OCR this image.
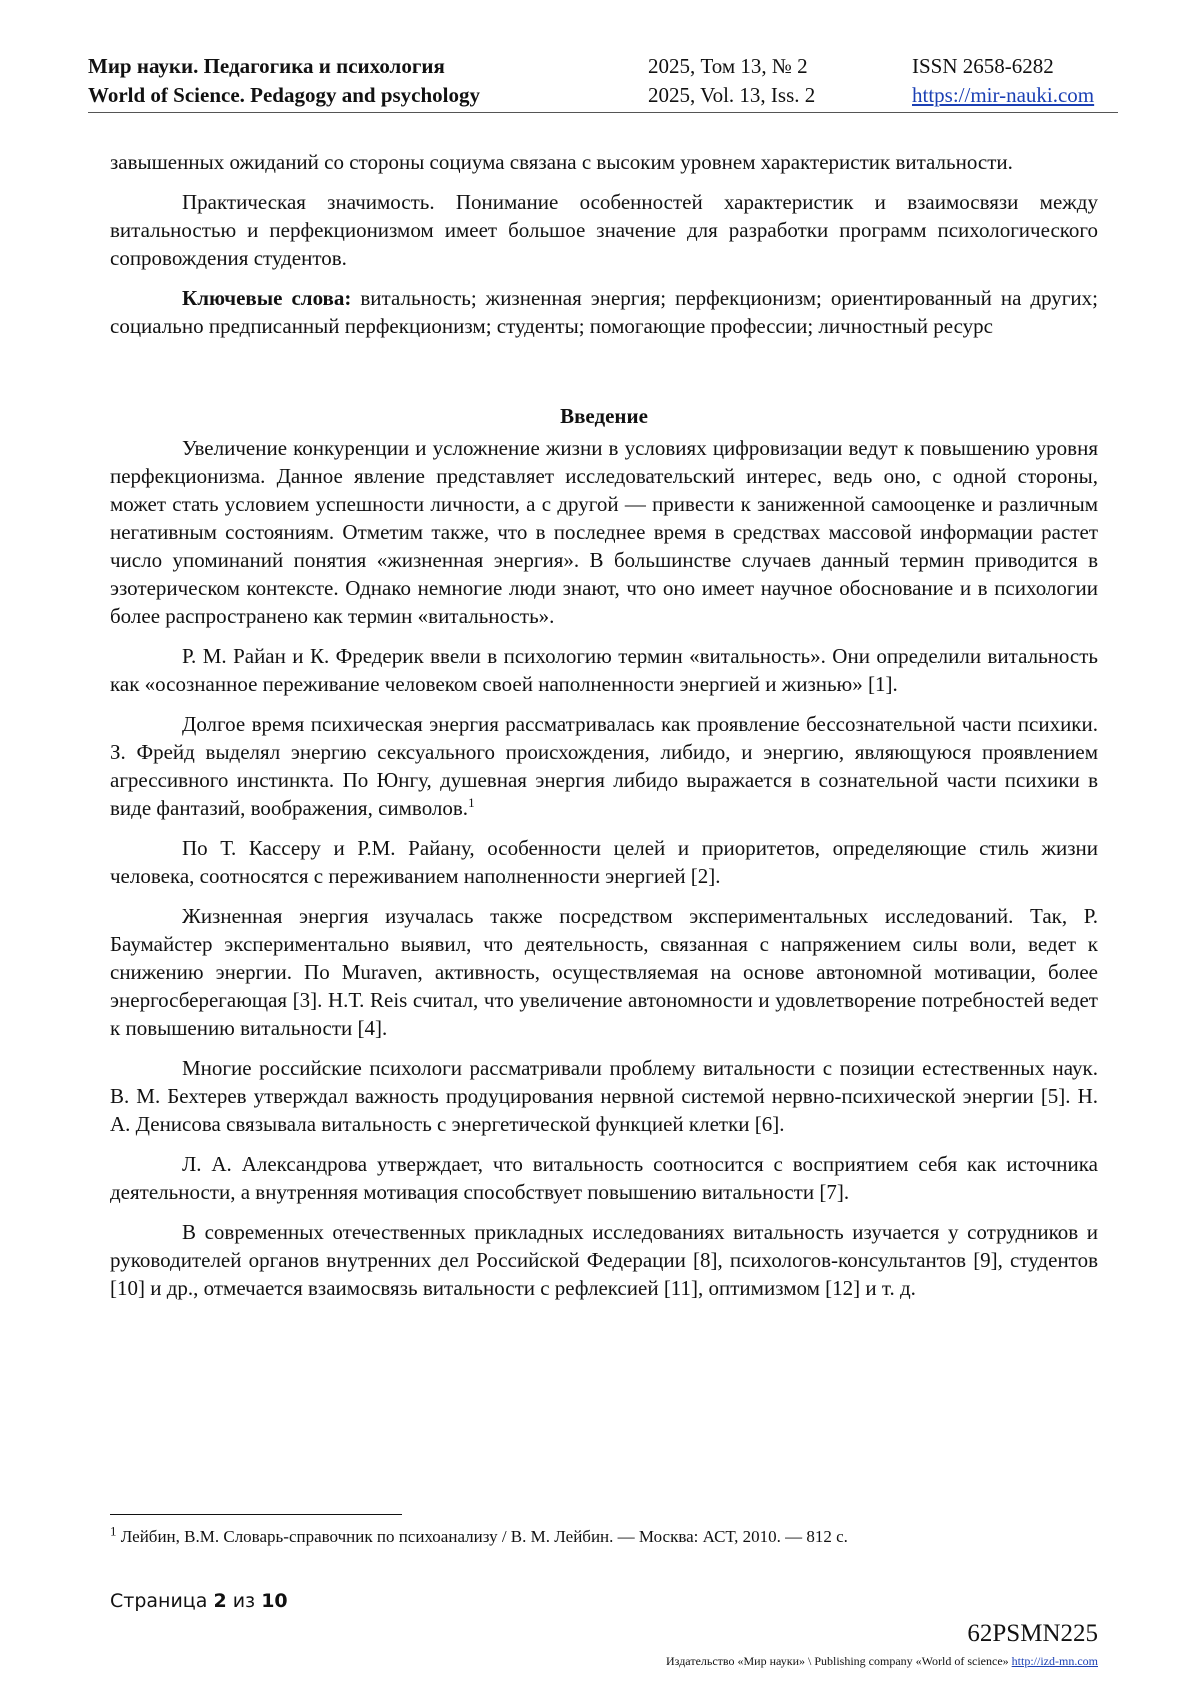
Мир науки. Педагогика и психология
World of Science. Pedagogy and psychology
2025, Том 13, № 2
2025, Vol. 13, Iss. 2
ISSN 2658-6282
https://mir-nauki.com

завышенных ожиданий со стороны социума связана с высоким уровнем характеристик витальности.

Практическая значимость. Понимание особенностей характеристик и взаимосвязи между витальностью и перфекционизмом имеет большое значение для разработки программ психологического сопровождения студентов.

Ключевые слова: витальность; жизненная энергия; перфекционизм; ориентированный на других; социально предписанный перфекционизм; студенты; помогающие профессии; личностный ресурс

Введение

Увеличение конкуренции и усложнение жизни в условиях цифровизации ведут к повышению уровня перфекционизма. Данное явление представляет исследовательский интерес, ведь оно, с одной стороны, может стать условием успешности личности, а с другой — привести к заниженной самооценке и различным негативным состояниям. Отметим также, что в последнее время в средствах массовой информации растет число упоминаний понятия «жизненная энергия». В большинстве случаев данный термин приводится в эзотерическом контексте. Однако немногие люди знают, что оно имеет научное обоснование и в психологии более распространено как термин «витальность».

Р. М. Райан и К. Фредерик ввели в психологию термин «витальность». Они определили витальность как «осознанное переживание человеком своей наполненности энергией и жизнью» [1].

Долгое время психическая энергия рассматривалась как проявление бессознательной части психики. З. Фрейд выделял энергию сексуального происхождения, либидо, и энергию, являющуюся проявлением агрессивного инстинкта. По Юнгу, душевная энергия либидо выражается в сознательной части психики в виде фантазий, воображения, символов.$^1$

По Т. Кассеру и Р.М. Райану, особенности целей и приоритетов, определяющие стиль жизни человека, соотносятся с переживанием наполненности энергией [2].

Жизненная энергия изучалась также посредством экспериментальных исследований. Так, Р. Баумайстер экспериментально выявил, что деятельность, связанная с напряжением силы воли, ведет к снижению энергии. По Muraven, активность, осуществляемая на основе автономной мотивации, более энергосберегающая [3]. Н.Т. Reis считал, что увеличение автономности и удовлетворение потребностей ведет к повышению витальности [4].

Многие российские психологи рассматривали проблему витальности с позиции естественных наук. В. М. Бехтерев утверждал важность продуцирования нервной системой нервно-психической энергии [5]. Н. А. Денисова связывала витальность с энергетической функцией клетки [6].

Л. А. Александрова утверждает, что витальность соотносится с восприятием себя как источника деятельности, а внутренняя мотивация способствует повышению витальности [7].

В современных отечественных прикладных исследованиях витальность изучается у сотрудников и руководителей органов внутренних дел Российской Федерации [8], психологов-консультантов [9], студентов [10] и др., отмечается взаимосвязь витальности с рефлексией [11], оптимизмом [12] и т. д.

$^1$ Лейбин, В.М. Словарь-справочник по психоанализу / В. М. Лейбин. — Москва: АСТ, 2010. — 812 с.
Страница 2 из 10
62PSMN225
Издательство «Мир науки» \ Publishing company «World of science» http://izd-mn.com
